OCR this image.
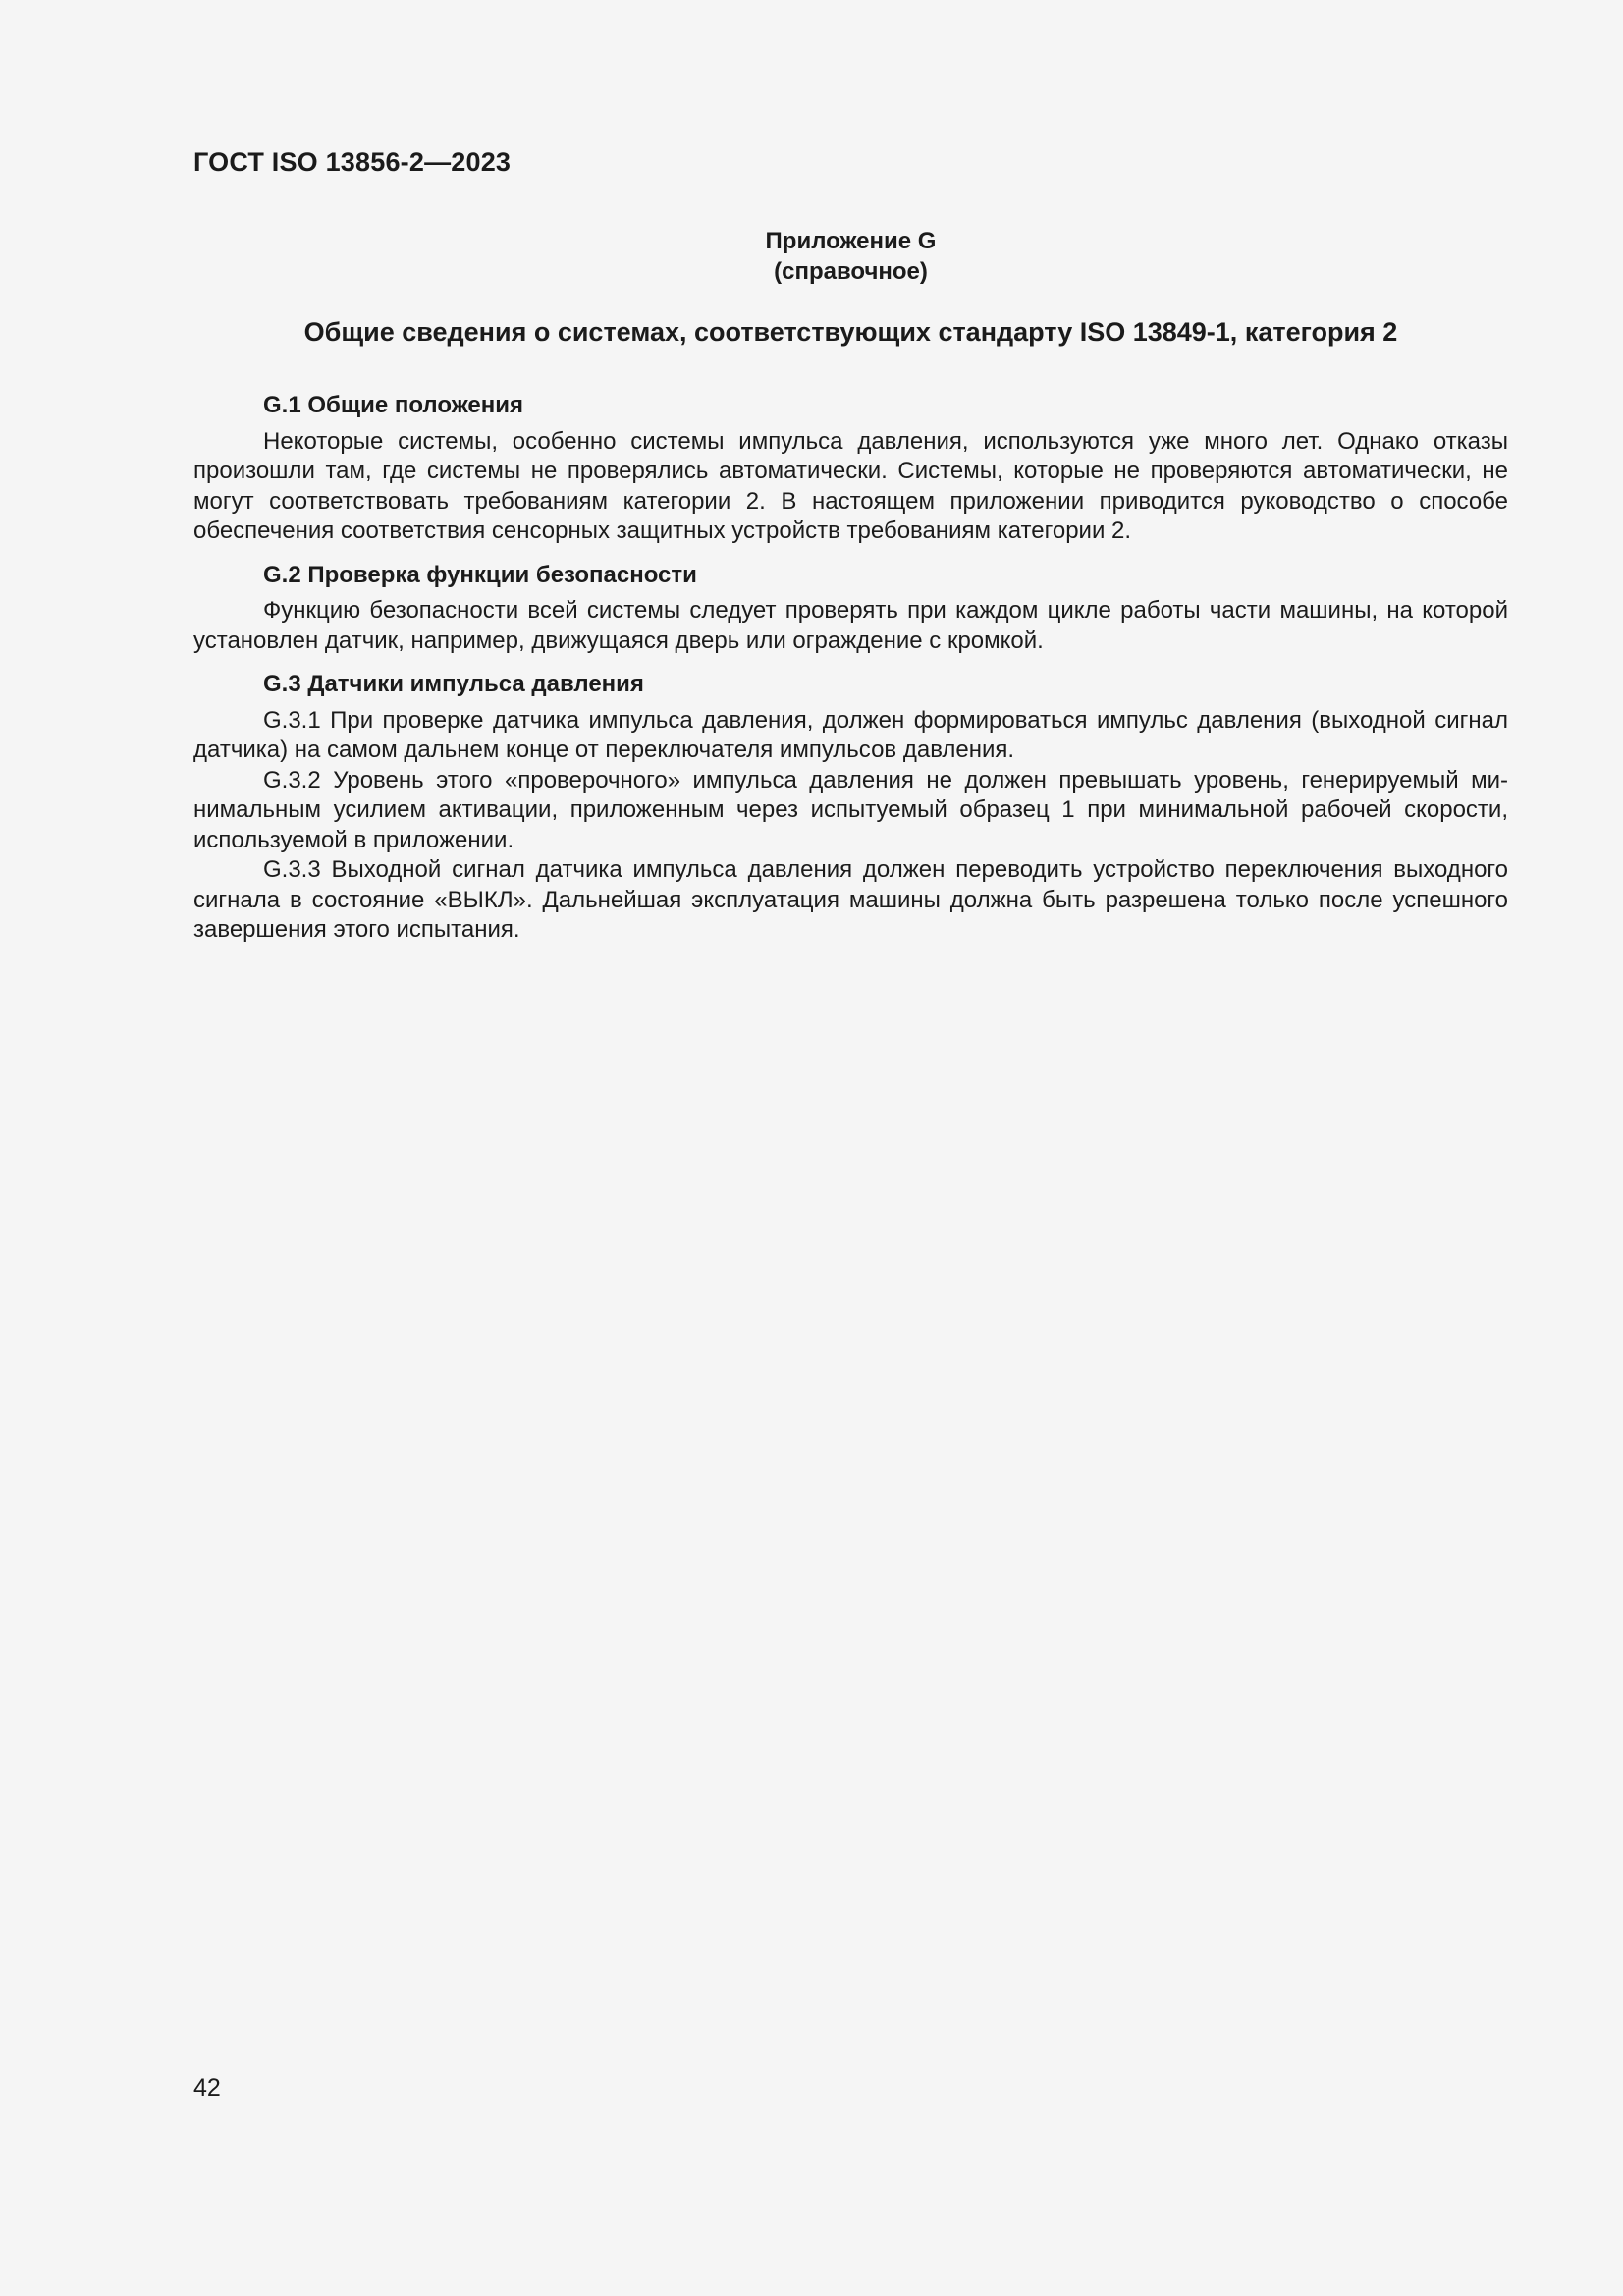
ГОСТ ISO 13856-2—2023
Приложение G
(справочное)
Общие сведения о системах, соответствующих стандарту ISO 13849-1, категория 2
G.1 Общие положения

Некоторые системы, особенно системы импульса давления, используются уже много лет. Однако отказы произошли там, где системы не проверялись автоматически. Системы, которые не проверяются автоматически, не могут соответствовать требованиям категории 2. В настоящем приложении приводится руководство о способе обеспечения соответствия сенсорных защитных устройств требованиям категории 2.

G.2 Проверка функции безопасности

Функцию безопасности всей системы следует проверять при каждом цикле работы части машины, на которой установлен датчик, например, движущаяся дверь или ограждение с кромкой.

G.3 Датчики импульса давления

G.3.1 При проверке датчика импульса давления, должен формироваться импульс давления (выходной сигнал датчика) на самом дальнем конце от переключателя импульсов давления.

G.3.2 Уровень этого «проверочного» импульса давления не должен превышать уровень, генерируемый минимальным усилием активации, приложенным через испытуемый образец 1 при минимальной рабочей скорости, используемой в приложении.

G.3.3 Выходной сигнал датчика импульса давления должен переводить устройство переключения выходного сигнала в состояние «ВЫКЛ». Дальнейшая эксплуатация машины должна быть разрешена только после успешного завершения этого испытания.

42
